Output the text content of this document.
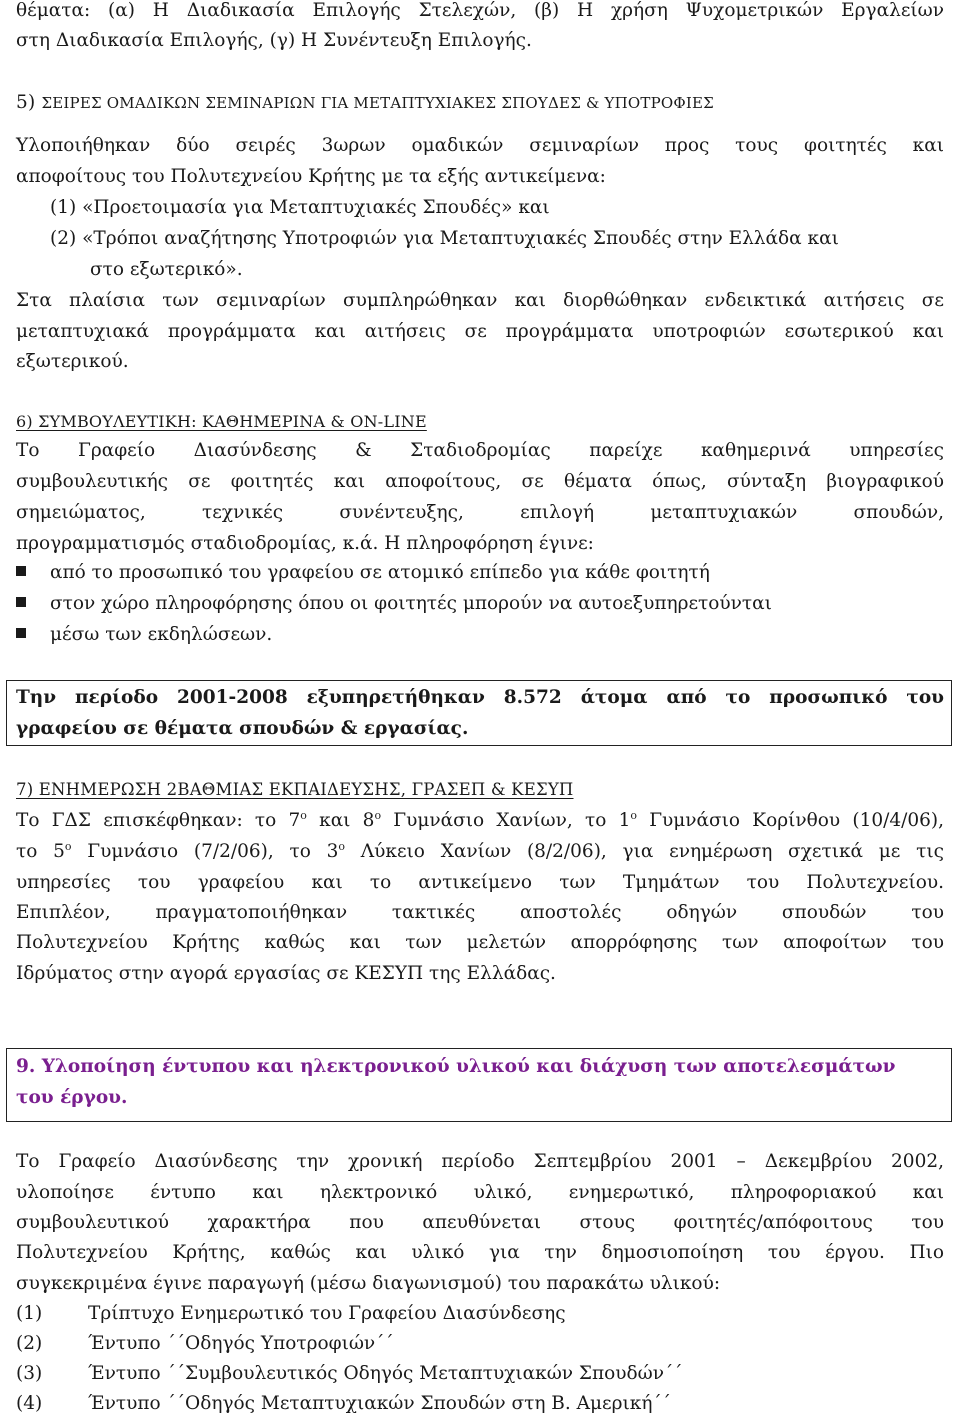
θέματα: (α) Η Διαδικασία Επιλογής Στελεχών, (β) Η χρήση Ψυχομετρικών Εργαλείων
στη Διαδικασία Επιλογής, (γ) Η Συνέντευξη Επιλογής.
5) ΣΕΙΡΕΣ ΟΜΑΔΙΚΩΝ ΣΕΜΙΝΑΡΙΩΝ ΓΙΑ ΜΕΤΑΠΤΥΧΙΑΚΕΣ ΣΠΟΥΔΕΣ & ΥΠΟΤΡΟΦΙΕΣ
Υλοποιήθηκαν δύο σειρές 3ωρων ομαδικών σεμιναρίων προς τους φοιτητές και
αποφοίτους του Πολυτεχνείου Κρήτης με τα εξής αντικείμενα:
(1) «Προετοιμασία για Μεταπτυχιακές Σπουδές» και
(2) «Τρόποι αναζήτησης Υποτροφιών για Μεταπτυχιακές Σπουδές στην Ελλάδα και
στο εξωτερικό».
Στα πλαίσια των σεμιναρίων συμπληρώθηκαν και διορθώθηκαν ενδεικτικά αιτήσεις σε
μεταπτυχιακά προγράμματα και αιτήσεις σε προγράμματα υποτροφιών εσωτερικού και
εξωτερικού.
6) ΣΥΜΒΟΥΛΕΥΤΙΚΗ: ΚΑΘΗΜΕΡΙΝΑ & ON-LINE
Το Γραφείο Διασύνδεσης & Σταδιοδρομίας παρείχε καθημερινά υπηρεσίες
συμβουλευτικής σε φοιτητές και αποφοίτους, σε θέματα όπως, σύνταξη βιογραφικού
σημειώματος, τεχνικές συνέντευξης, επιλογή μεταπτυχιακών σπουδών,
προγραμματισμός σταδιοδρομίας, κ.ά. Η πληροφόρηση έγινε:
από το προσωπικό του γραφείου σε ατομικό επίπεδο για κάθε φοιτητή
στον χώρο πληροφόρησης όπου οι φοιτητές μπορούν να αυτοεξυπηρετούνται
μέσω των εκδηλώσεων.
Την περίοδο 2001-2008 εξυπηρετήθηκαν 8.572 άτομα από το προσωπικό του
γραφείου σε θέματα σπουδών & εργασίας.
7) ΕΝΗΜΕΡΩΣΗ 2ΒΑΘΜΙΑΣ ΕΚΠΑΙΔΕΥΣΗΣ, ΓΡΑΣΕΠ & ΚΕΣΥΠ
Το ΓΔΣ επισκέφθηκαν: το $7^o$ και $8^o$ Γυμνάσιο Χανίων, το $1^o$ Γυμνάσιο Κορίνθου (10/4/06),
το $5^o$ Γυμνάσιο (7/2/06), το $3^o$ Λύκειο Χανίων (8/2/06), για ενημέρωση σχετικά με τις
υπηρεσίες του γραφείου και το αντικείμενο των Τμημάτων του Πολυτεχνείου.
Επιπλέον, πραγματοποιήθηκαν τακτικές αποστολές οδηγών σπουδών του
Πολυτεχνείου Κρήτης καθώς και των μελετών απορρόφησης των αποφοίτων του
Ιδρύματος στην αγορά εργασίας σε ΚΕΣΥΠ της Ελλάδας.
9. Υλοποίηση έντυπου και ηλεκτρονικού υλικού και διάχυση των αποτελεσμάτων
του έργου.
Το Γραφείο Διασύνδεσης την χρονική περίοδο Σεπτεμβρίου 2001 – Δεκεμβρίου 2002,
υλοποίησε έντυπο και ηλεκτρονικό υλικό, ενημερωτικό, πληροφοριακού και
συμβουλευτικού χαρακτήρα που απευθύνεται στους φοιτητές/απόφοιτους του
Πολυτεχνείου Κρήτης, καθώς και υλικό για την δημοσιοποίηση του έργου. Πιο
συγκεκριμένα έγινε παραγωγή (μέσω διαγωνισμού) του παρακάτω υλικού:
(1) Τρίπτυχο Ενημερωτικό του Γραφείου Διασύνδεσης
(2) Έντυπο ΄΄Οδηγός Υποτροφιών΄΄
(3) Έντυπο ΄΄Συμβουλευτικός Οδηγός Μεταπτυχιακών Σπουδών΄΄
(4) Έντυπο ΄΄Οδηγός Μεταπτυχιακών Σπουδών στη Β. Αμερική΄΄
